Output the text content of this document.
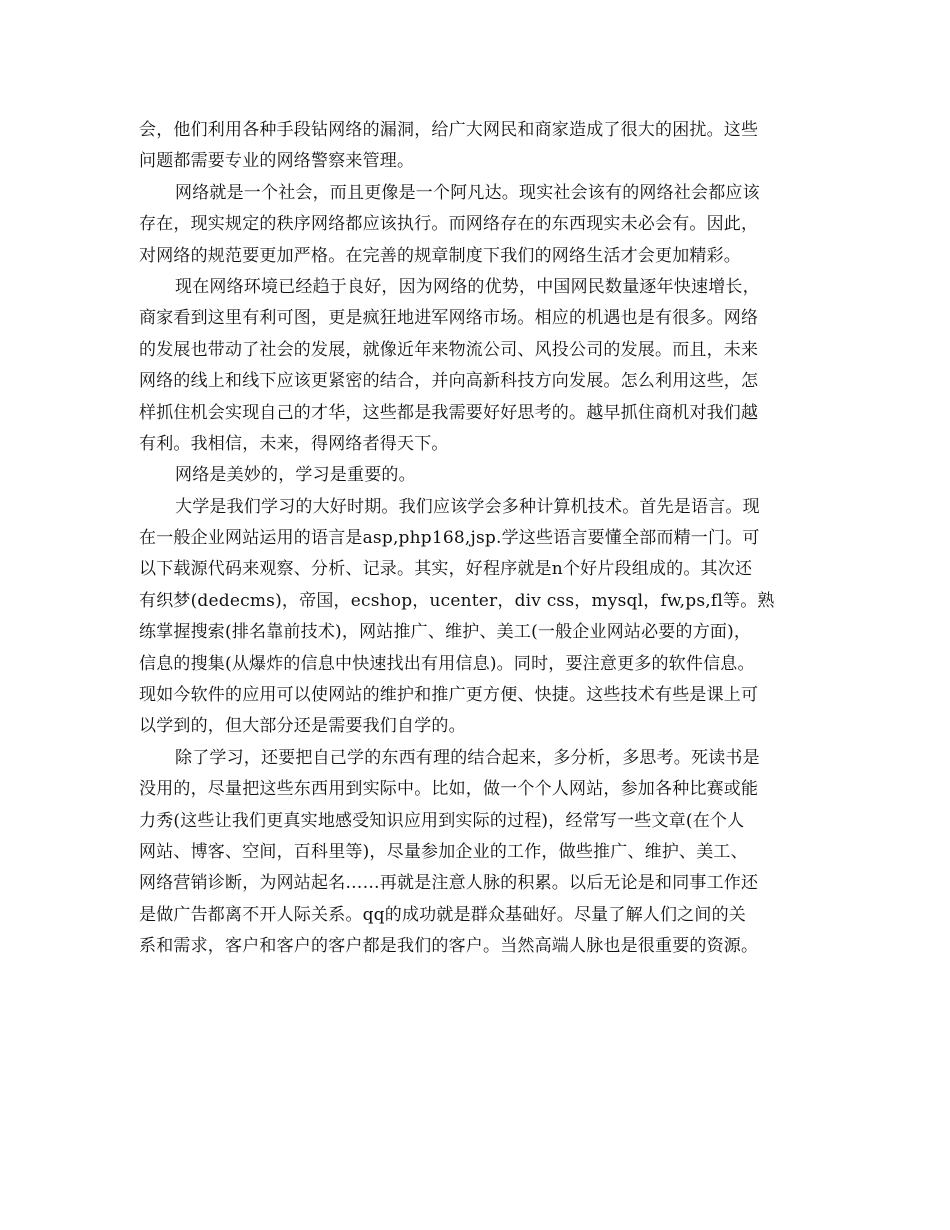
会，他们利用各种手段钻网络的漏洞，给广大网民和商家造成了很大的困扰。这些
问题都需要专业的网络警察来管理。
网络就是一个社会，而且更像是一个阿凡达。现实社会该有的网络社会都应该
存在，现实规定的秩序网络都应该执行。而网络存在的东西现实未必会有。因此，
对网络的规范要更加严格。在完善的规章制度下我们的网络生活才会更加精彩。
现在网络环境已经趋于良好，因为网络的优势，中国网民数量逐年快速增长，
商家看到这里有利可图，更是疯狂地进军网络市场。相应的机遇也是有很多。网络
的发展也带动了社会的发展，就像近年来物流公司、风投公司的发展。而且，未来
网络的线上和线下应该更紧密的结合，并向高新科技方向发展。怎么利用这些，怎
样抓住机会实现自己的才华，这些都是我需要好好思考的。越早抓住商机对我们越
有利。我相信，未来，得网络者得天下。
网络是美妙的，学习是重要的。
大学是我们学习的大好时期。我们应该学会多种计算机技术。首先是语言。现
在一般企业网站运用的语言是asp,php168,jsp.学这些语言要懂全部而精一门。可
以下载源代码来观察、分析、记录。其实，好程序就是n个好片段组成的。其次还
有织梦(dedecms)，帝国，ecshop，ucenter，div css，mysql，fw,ps,fl等。熟
练掌握搜索(排名靠前技术)，网站推广、维护、美工(一般企业网站必要的方面)，
信息的搜集(从爆炸的信息中快速找出有用信息)。同时，要注意更多的软件信息。
现如今软件的应用可以使网站的维护和推广更方便、快捷。这些技术有些是课上可
以学到的，但大部分还是需要我们自学的。
除了学习，还要把自己学的东西有理的结合起来，多分析，多思考。死读书是
没用的，尽量把这些东西用到实际中。比如，做一个个人网站，参加各种比赛或能
力秀(这些让我们更真实地感受知识应用到实际的过程)，经常写一些文章(在个人
网站、博客、空间，百科里等)，尽量参加企业的工作，做些推广、维护、美工、
网络营销诊断，为网站起名……再就是注意人脉的积累。以后无论是和同事工作还
是做广告都离不开人际关系。qq的成功就是群众基础好。尽量了解人们之间的关
系和需求，客户和客户的客户都是我们的客户。当然高端人脉也是很重要的资源。
